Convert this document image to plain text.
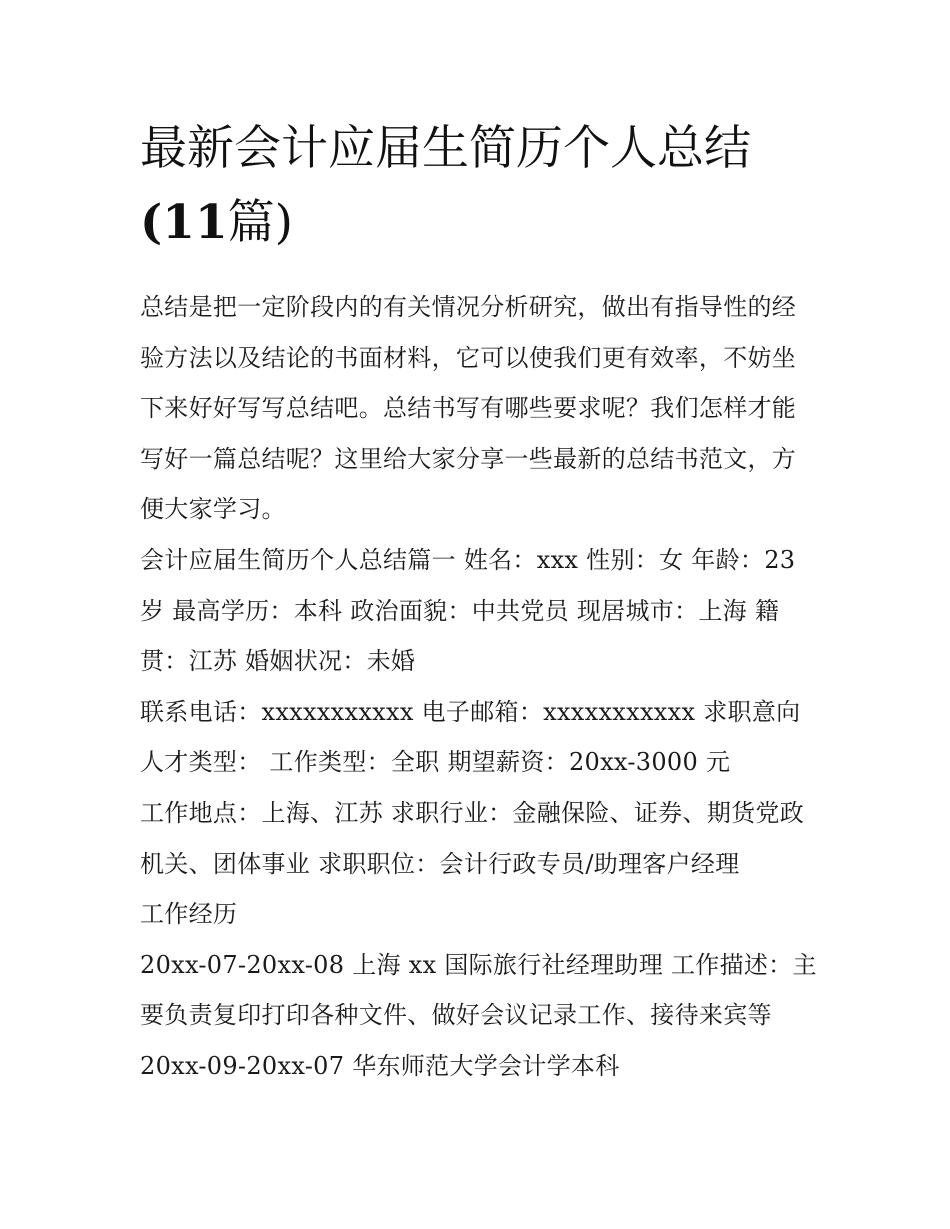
最新会计应届生简历个人总结
(11篇)

总结是把一定阶段内的有关情况分析研究，做出有指导性的经验方法以及结论的书面材料，它可以使我们更有效率，不妨坐下来好好写写总结吧。总结书写有哪些要求呢？我们怎样才能写好一篇总结呢？这里给大家分享一些最新的总结书范文，方便大家学习。

会计应届生简历个人总结篇一 姓名：xxx 性别：女 年龄：23 岁 最高学历：本科 政治面貌：中共党员 现居城市：上海 籍贯：江苏 婚姻状况：未婚

联系电话：xxxxxxxxxxx 电子邮箱：xxxxxxxxxxx 求职意向 人才类型： 工作类型：全职 期望薪资：20xx-3000 元

工作地点：上海、江苏 求职行业：金融保险、证券、期货党政机关、团体事业 求职职位：会计行政专员/助理客户经理

工作经历

20xx-07-20xx-08 上海 xx 国际旅行社经理助理 工作描述：主要负责复印打印各种文件、做好会议记录工作、接待来宾等

20xx-09-20xx-07 华东师范大学会计学本科
